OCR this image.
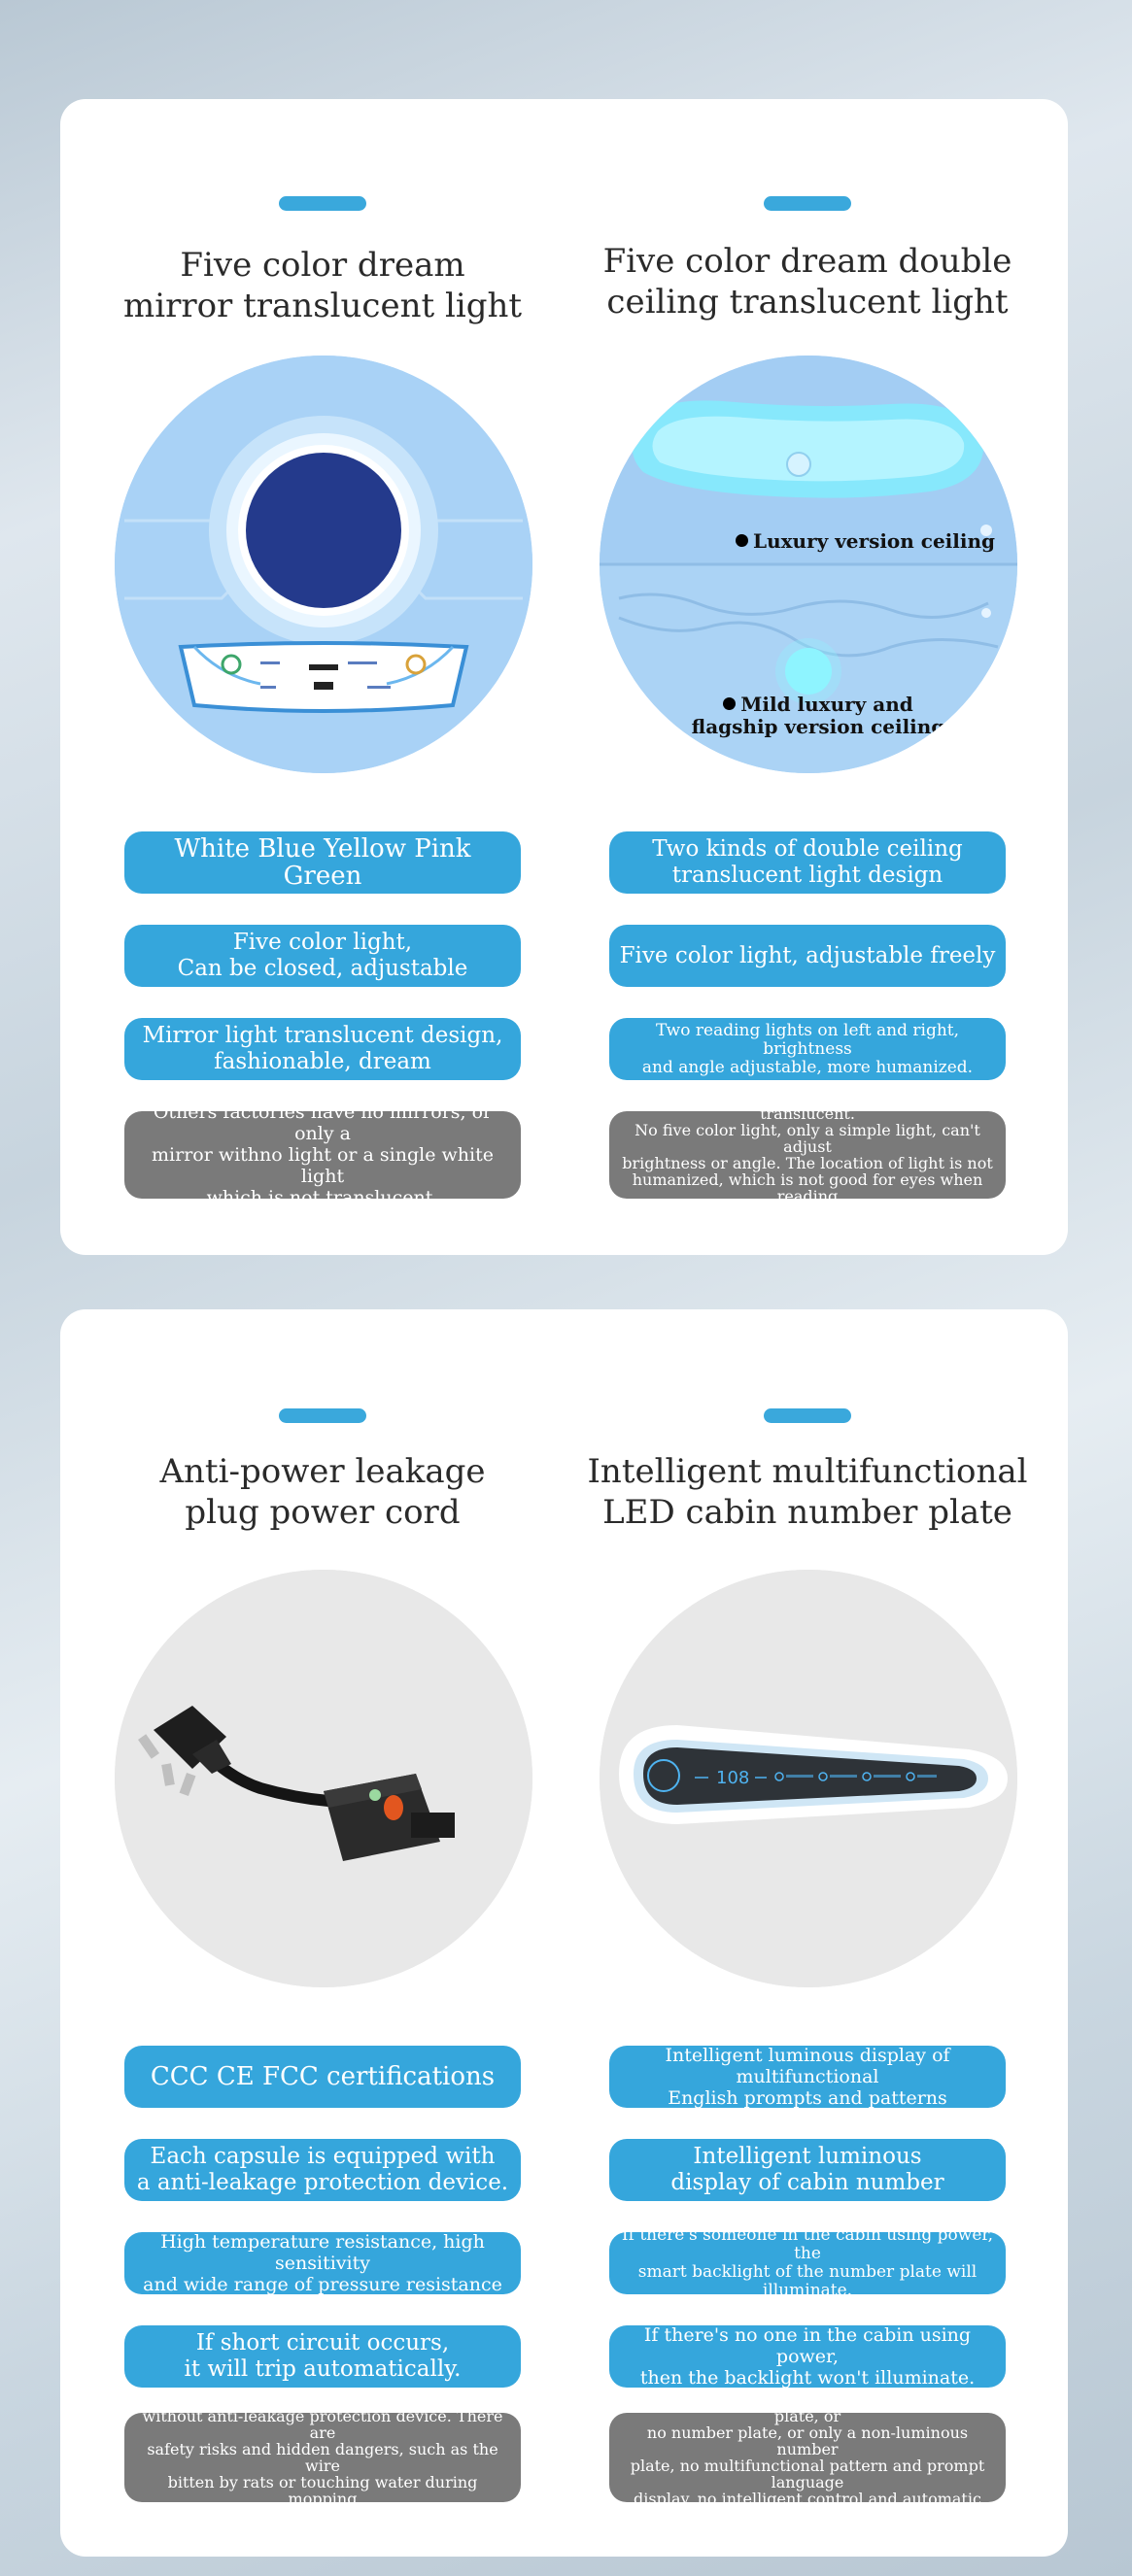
Five color dream
mirror translucent light
White Blue Yellow Pink Green
Five color light,
Can be closed, adjustable
Mirror light translucent design,
fashionable, dream
Others factories have no mirrors, or only a
mirror withno light or a single white light
which is not translucent.
Five color dream double
ceiling translucent light
Luxury version ceiling
Mild luxury and
flagship version ceiling
Two kinds of double ceiling
translucent light design
Five color light, adjustable freely
Two reading lights on left and right, brightness
and angle adjustable, more humanized.
Others factories only have a ceiling, not translucent.
No five color light, only a simple light, can't adjust
brightness or angle. The location of light is not
humanized, which is not good for eyes when reading
books and watching mobile.
Anti-power leakage
plug power cord
CCC CE FCC certifications
Each capsule is equipped with
a anti-leakage protection device.
High temperature resistance, high sensitivity
and wide range of pressure resistance
If short circuit occurs,
it will trip automatically.
Others factories use ordinary plug power cord,
without anti-leakage protection device. There are
safety risks and hidden dangers, such as the wire
bitten by rats or touching water during mopping
the floor and other accidents.
Intelligent multifunctional
LED cabin number plate
108
Intelligent luminous display of multifunctional
English prompts and patterns
Intelligent luminous
display of cabin number
If there's someone in the cabin using power, the
smart backlight of the number plate will illuminate.
If there's no one in the cabin using power,
then the backlight won't illuminate.
Others factories use non-intelligent number plate, or
no number plate, or only a non-luminous number
plate, no multifunctional pattern and prompt language
display, no intelligent control and automatic light.
